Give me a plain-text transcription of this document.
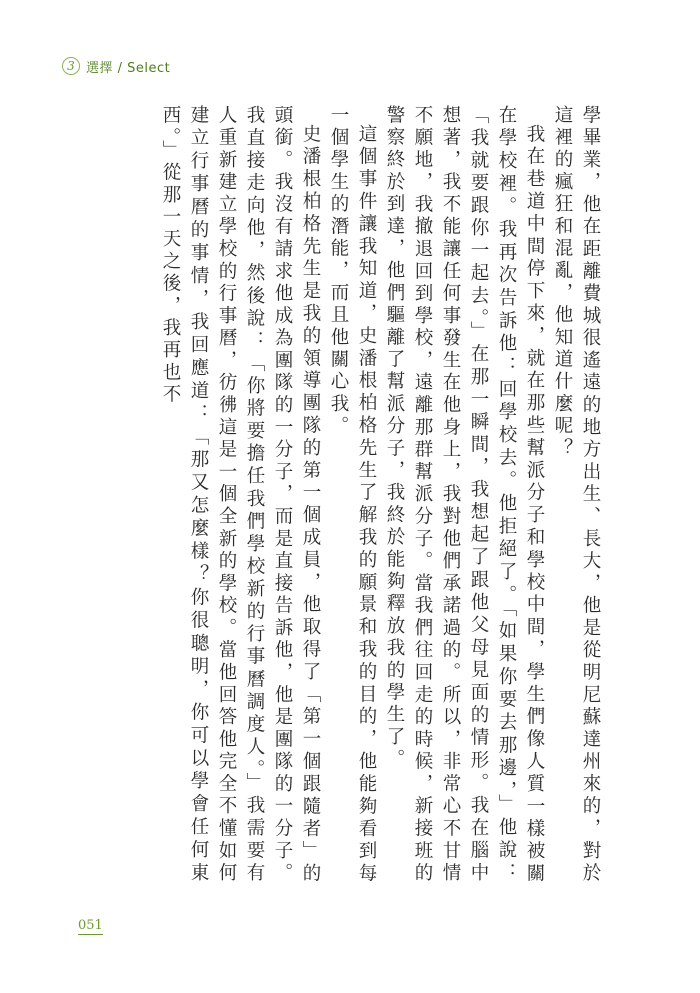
3 選擇 / Select

學畢業，他在距離費城很遙遠的地方出生、長大，他是從明尼蘇達州來的，對於這裡的瘋狂和混亂，他知道什麼呢？

我在巷道中間停下來，就在那些幫派分子和學校中間，學生們像人質一樣被關在學校裡。我再次告訴他：回學校去。他拒絕了。「如果你要去那邊，」他說：「我就要跟你一起去。」在那一瞬間，我想起了跟他父母見面的情形。我在腦中想著，我不能讓任何事發生在他身上，我對他們承諾過的。所以，非常心不甘情不願地，我撤退回到學校，遠離那群幫派分子。當我們往回走的時候，新接班的警察終於到達，他們驅離了幫派分子，我終於能夠釋放我的學生了。

這個事件讓我知道，史潘根柏格先生了解我的願景和我的目的，他能夠看到每一個學生的潛能，而且他關心我。

史潘根柏格先生是我的領導團隊的第一個成員，他取得了「第一個跟隨者」的頭銜。我沒有請求他成為團隊的一分子，而是直接告訴他，他是團隊的一分子。我直接走向他，然後說：「你將要擔任我們學校新的行事曆調度人。」我需要有人重新建立學校的行事曆，彷彿這是一個全新的學校。當他回答他完全不懂如何建立行事曆的事情，我回應道：「那又怎麼樣？你很聰明，你可以學會任何東西。」從那一天之後，我再也不

051
